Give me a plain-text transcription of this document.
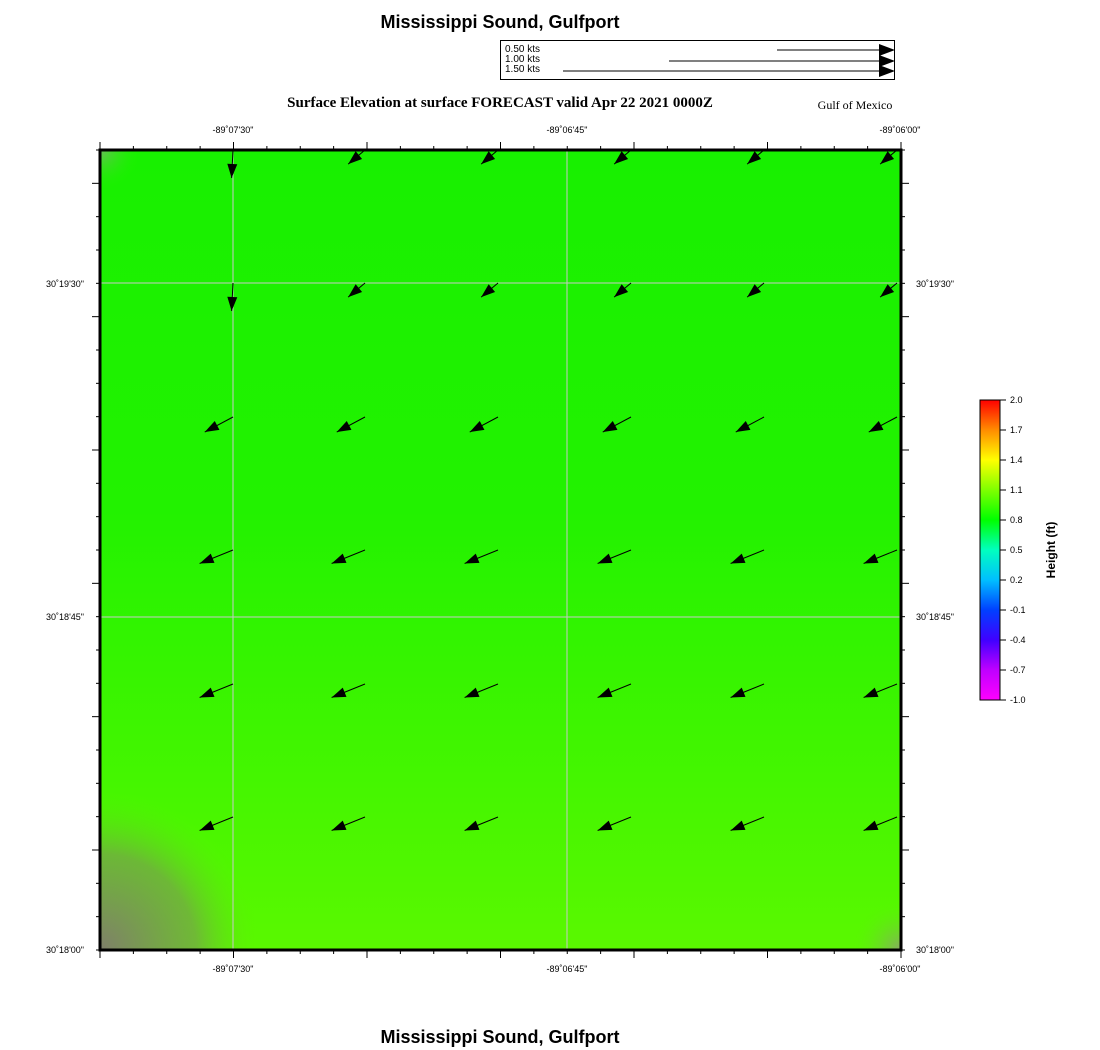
Mississippi Sound, Gulfport
0.50 kts
1.00 kts
1.50 kts
Surface Elevation at surface FORECAST valid Apr 22 2021 0000Z	Gulf of Mexico
-89˚07'30"	-89˚06'45"	-89˚06'00"
-89˚07'30"	-89˚06'45"	-89˚06'00"
30˚19'30"
30˚18'45"
30˚18'00"
30˚19'30"
30˚18'45"
30˚18'00"
2.0
1.7
1.4
1.1
0.8
0.5
0.2
-0.1
-0.4
-0.7
-1.0
Height (ft)
Mississippi Sound, Gulfport
